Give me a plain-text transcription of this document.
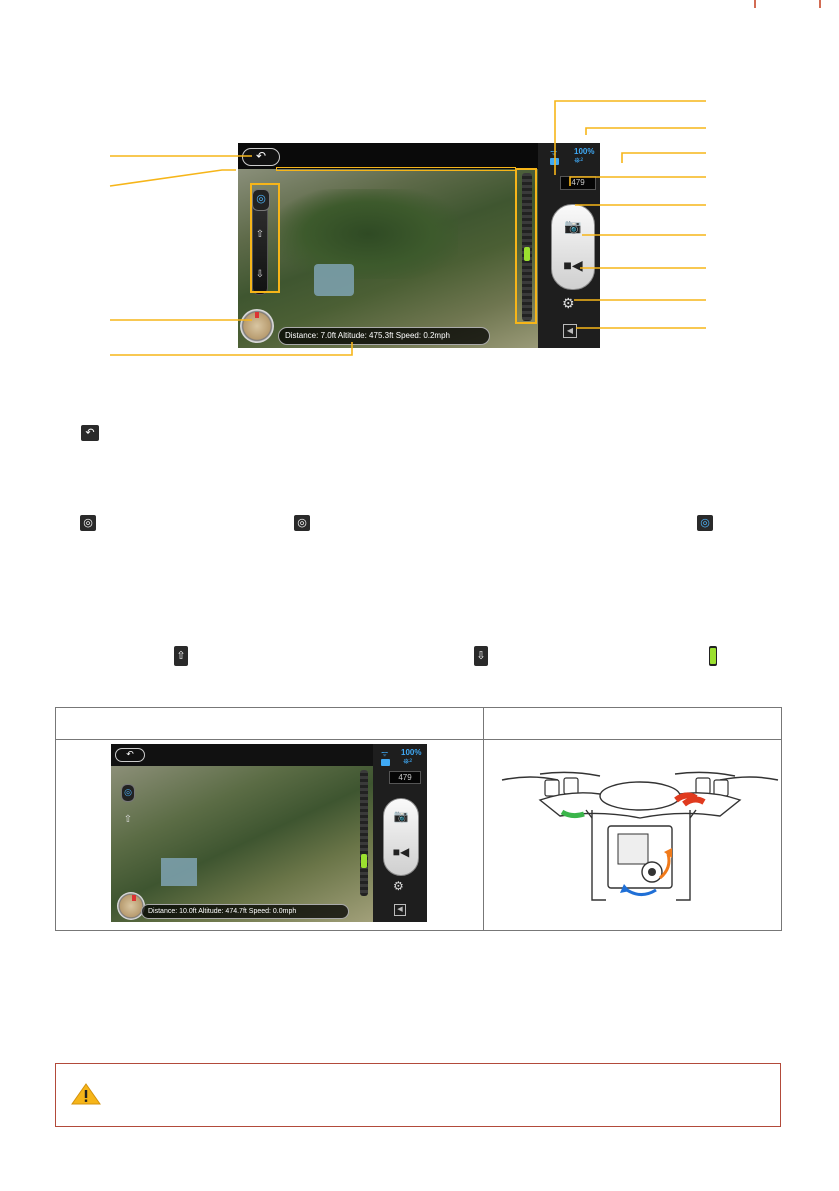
↶
◎
⇧
⇩
Distance: 7.0ft Altitude: 475.3ft Speed: 0.2mph
ᯤ 100%
⛯²
479
📷
■◀
⚙
◀
↶
◎	◎	◎
⇧	⇩
↶
◎
⇧
Distance: 10.0ft Altitude: 474.7ft Speed: 0.0mph
ᯤ 100%
⛯²
479
📷
■◀
⚙
◀
